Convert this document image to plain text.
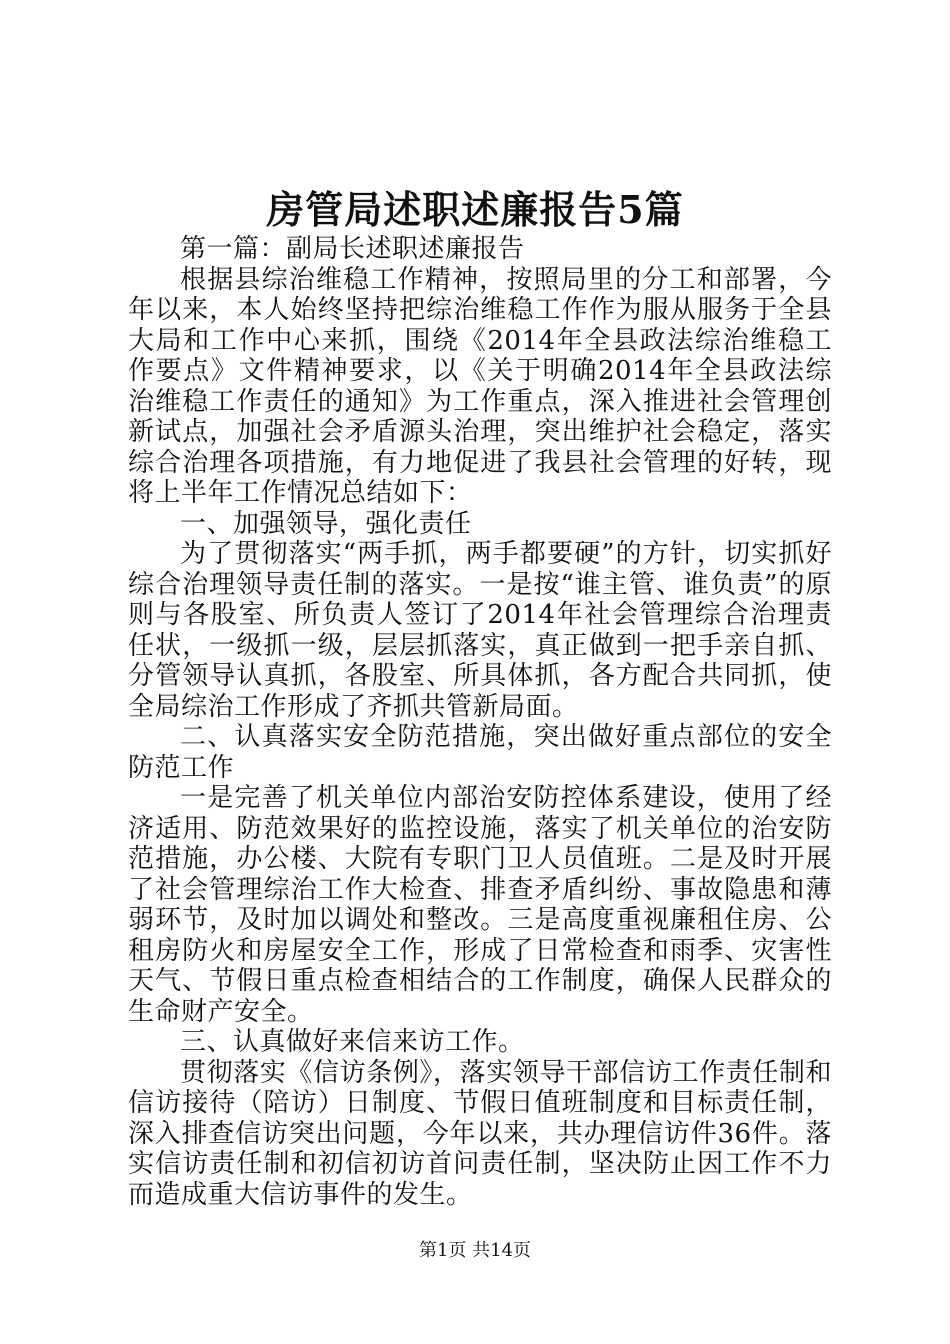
房管局述职述廉报告5篇

第一篇：副局长述职述廉报告

根据县综治维稳工作精神，按照局里的分工和部署，今年以来，本人始终坚持把综治维稳工作作为服从服务于全县大局和工作中心来抓，围绕《2014年全县政法综治维稳工作要点》文件精神要求，以《关于明确2014年全县政法综治维稳工作责任的通知》为工作重点，深入推进社会管理创新试点，加强社会矛盾源头治理，突出维护社会稳定，落实综合治理各项措施，有力地促进了我县社会管理的好转，现将上半年工作情况总结如下：

一、加强领导，强化责任

为了贯彻落实“两手抓，两手都要硬”的方针，切实抓好综合治理领导责任制的落实。一是按“谁主管、谁负责”的原则与各股室、所负责人签订了2014年社会管理综合治理责任状，一级抓一级，层层抓落实，真正做到一把手亲自抓、分管领导认真抓，各股室、所具体抓，各方配合共同抓，使全局综治工作形成了齐抓共管新局面。

二、认真落实安全防范措施，突出做好重点部位的安全防范工作

一是完善了机关单位内部治安防控体系建设，使用了经济适用、防范效果好的监控设施，落实了机关单位的治安防范措施，办公楼、大院有专职门卫人员值班。二是及时开展了社会管理综治工作大检查、排查矛盾纠纷、事故隐患和薄弱环节，及时加以调处和整改。三是高度重视廉租住房、公租房防火和房屋安全工作，形成了日常检查和雨季、灾害性天气、节假日重点检查相结合的工作制度，确保人民群众的生命财产安全。

三、认真做好来信来访工作。

贯彻落实《信访条例》，落实领导干部信访工作责任制和信访接待（陪访）日制度、节假日值班制度和目标责任制，深入排查信访突出问题，今年以来，共办理信访件36件。落实信访责任制和初信初访首问责任制，坚决防止因工作不力而造成重大信访事件的发生。

第1页 共14页
